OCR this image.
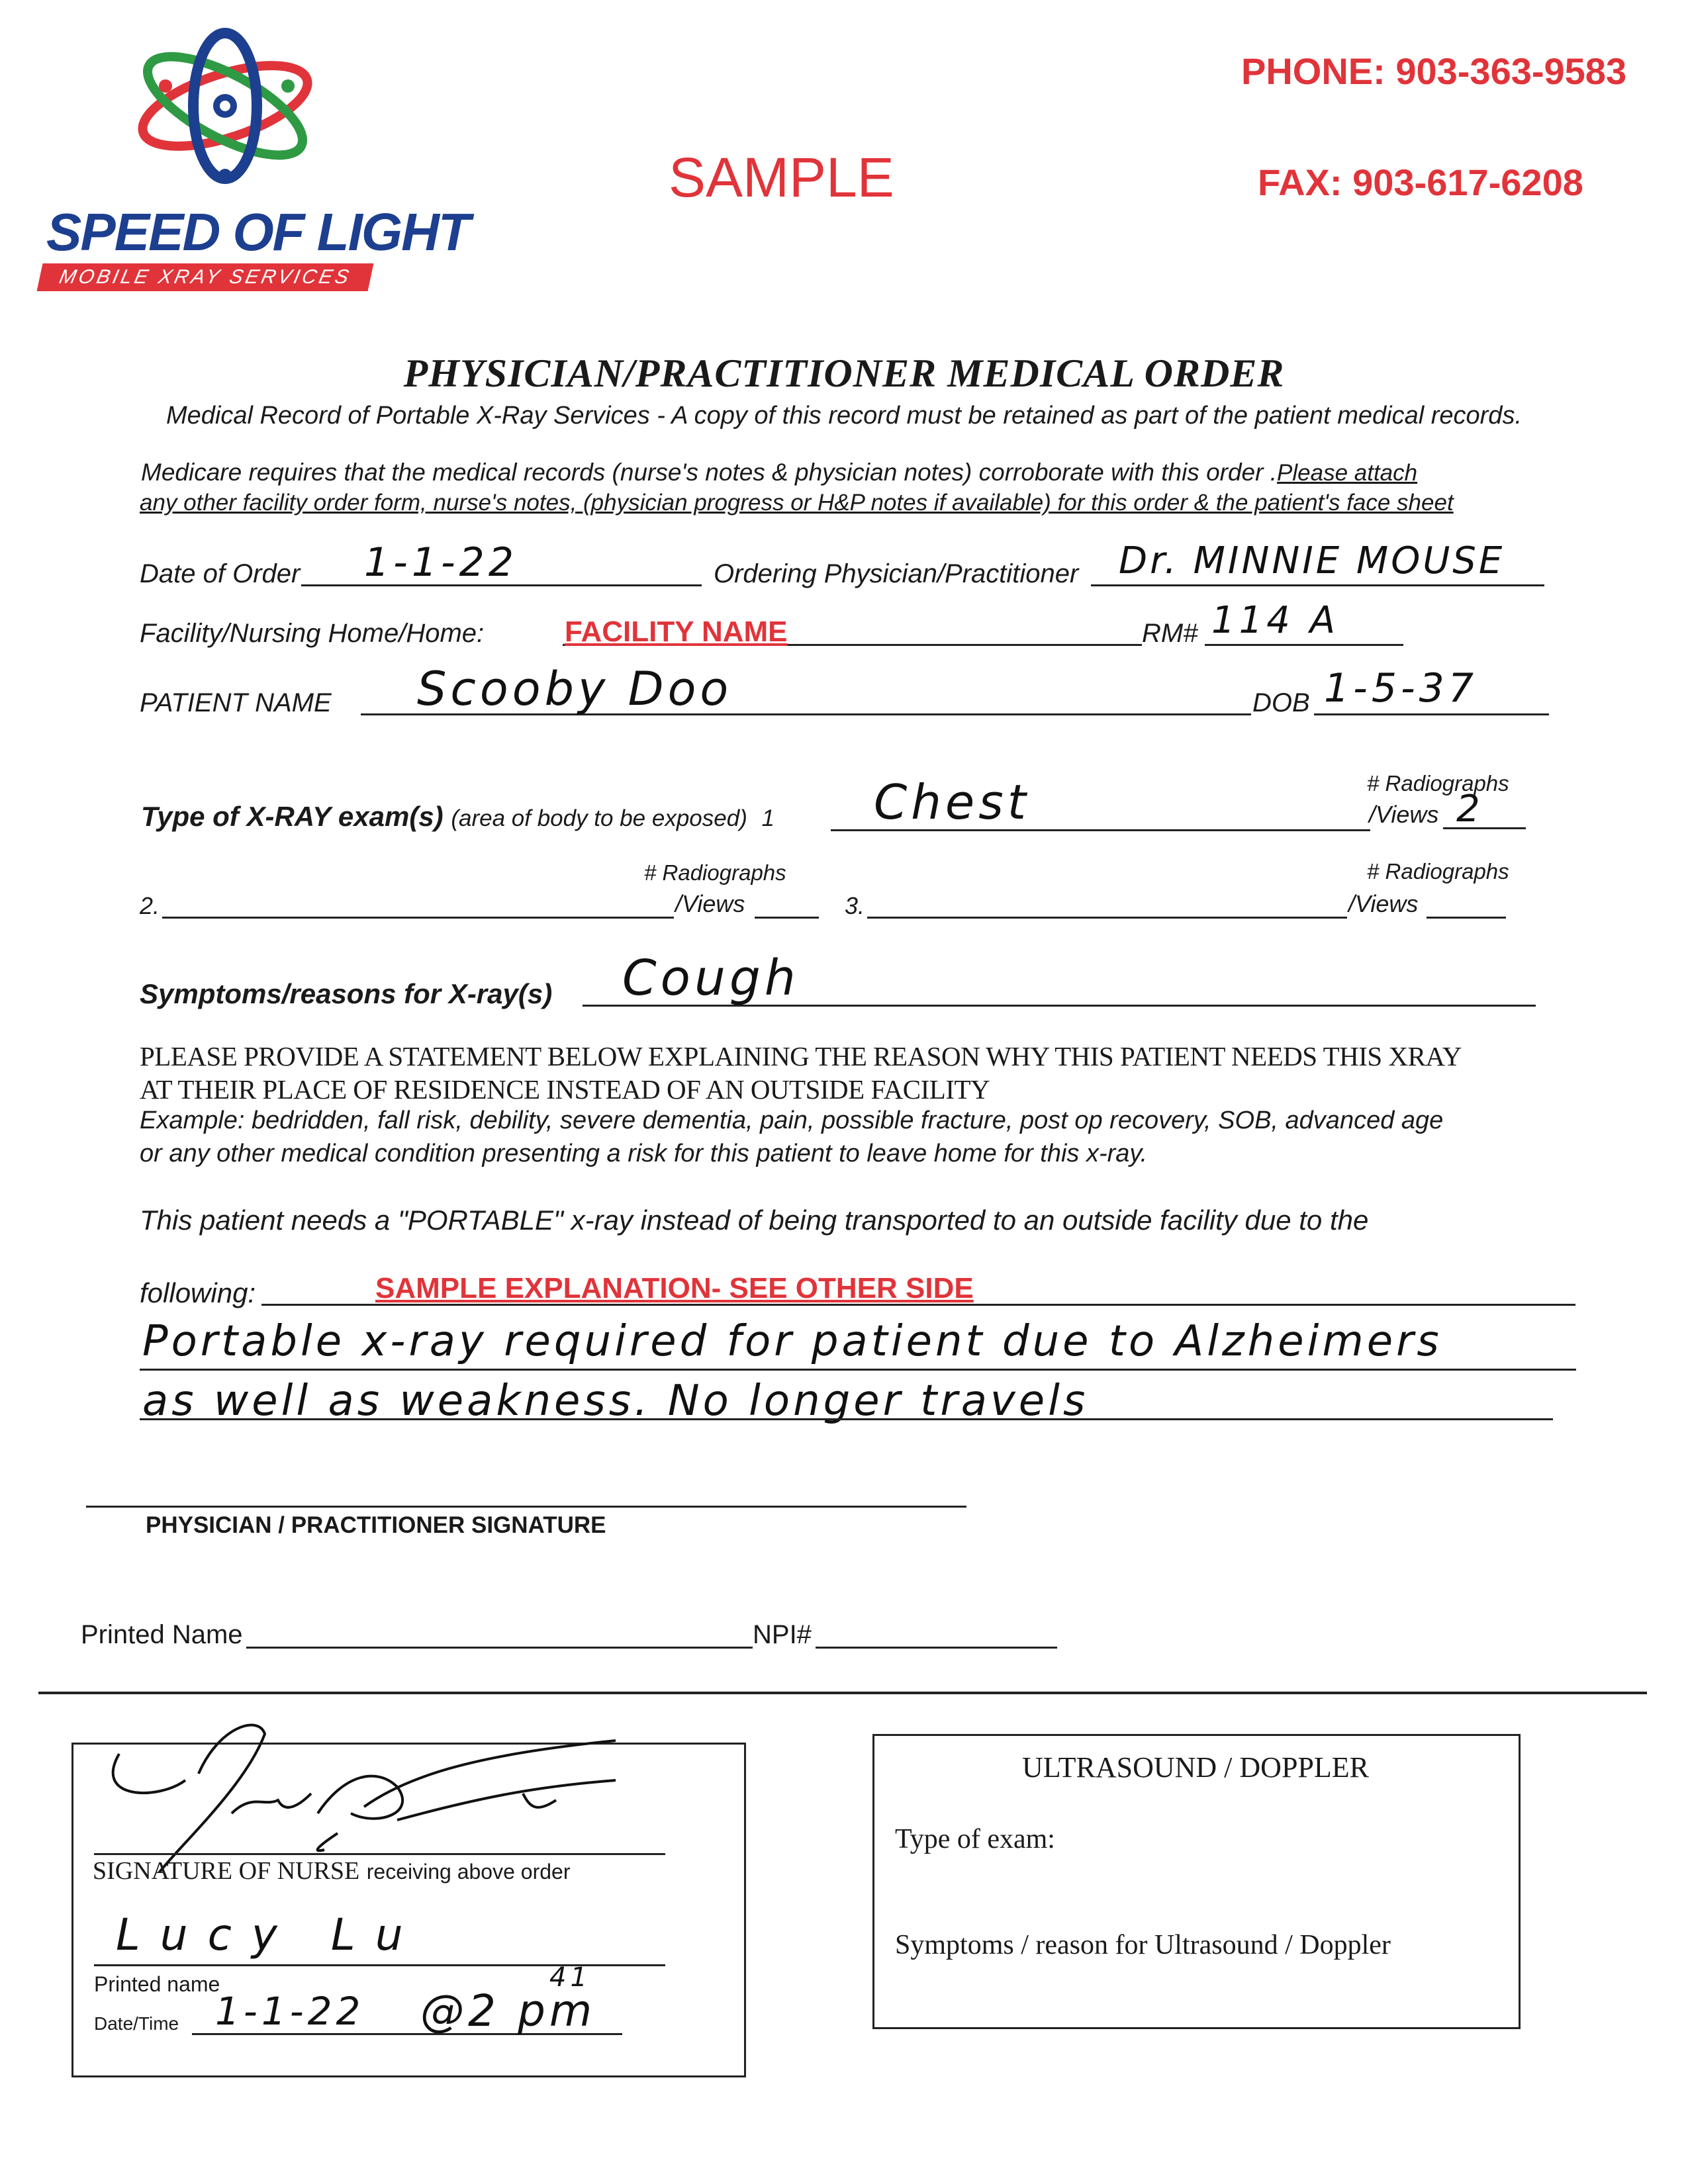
SPEED OF LIGHT
MOBILE XRAY SERVICES
SAMPLE
PHONE: 903-363-9583
FAX: 903-617-6208
PHYSICIAN/PRACTITIONER MEDICAL ORDER
Medical Record of Portable X-Ray Services - A copy of this record must be retained as part of the patient medical records.
Medicare requires that the medical records (nurse's notes & physician notes) corroborate with this order .Please attach
any other facility order form, nurse's notes, (physician progress or H&P notes if available) for this order & the patient's face sheet
Date of Order 1-1-22	Ordering Physician/Practitioner Dr. MINNIE MOUSE
Facility/Nursing Home/Home:	FACILITY NAME	RM# 114 A
PATIENT NAME Scooby Doo	DOB 1-5-37
# Radiographs
Type of X-RAY exam(s) (area of body to be exposed) 1 Chest	/Views 2
# Radiographs	# Radiographs
2.	/Views	3.	/Views
Symptoms/reasons for X-ray(s) Cough
PLEASE PROVIDE A STATEMENT BELOW EXPLAINING THE REASON WHY THIS PATIENT NEEDS THIS XRAY
AT THEIR PLACE OF RESIDENCE INSTEAD OF AN OUTSIDE FACILITY
Example: bedridden, fall risk, debility, severe dementia, pain, possible fracture, post op recovery, SOB, advanced age
or any other medical condition presenting a risk for this patient to leave home for this x-ray.
This patient needs a "PORTABLE" x-ray instead of being transported to an outside facility due to the
following:	SAMPLE EXPLANATION- SEE OTHER SIDE
Portable x-ray required for patient due to Alzheimers
as well as weakness. No longer travels
PHYSICIAN / PRACTITIONER SIGNATURE
Printed Name	NPI#
SIGNATURE OF NURSE receiving above order
Lucy Lu
Printed name
Date/Time 1-1-22 @2 pm
41
ULTRASOUND / DOPPLER
Type of exam:
Symptoms / reason for Ultrasound / Doppler
